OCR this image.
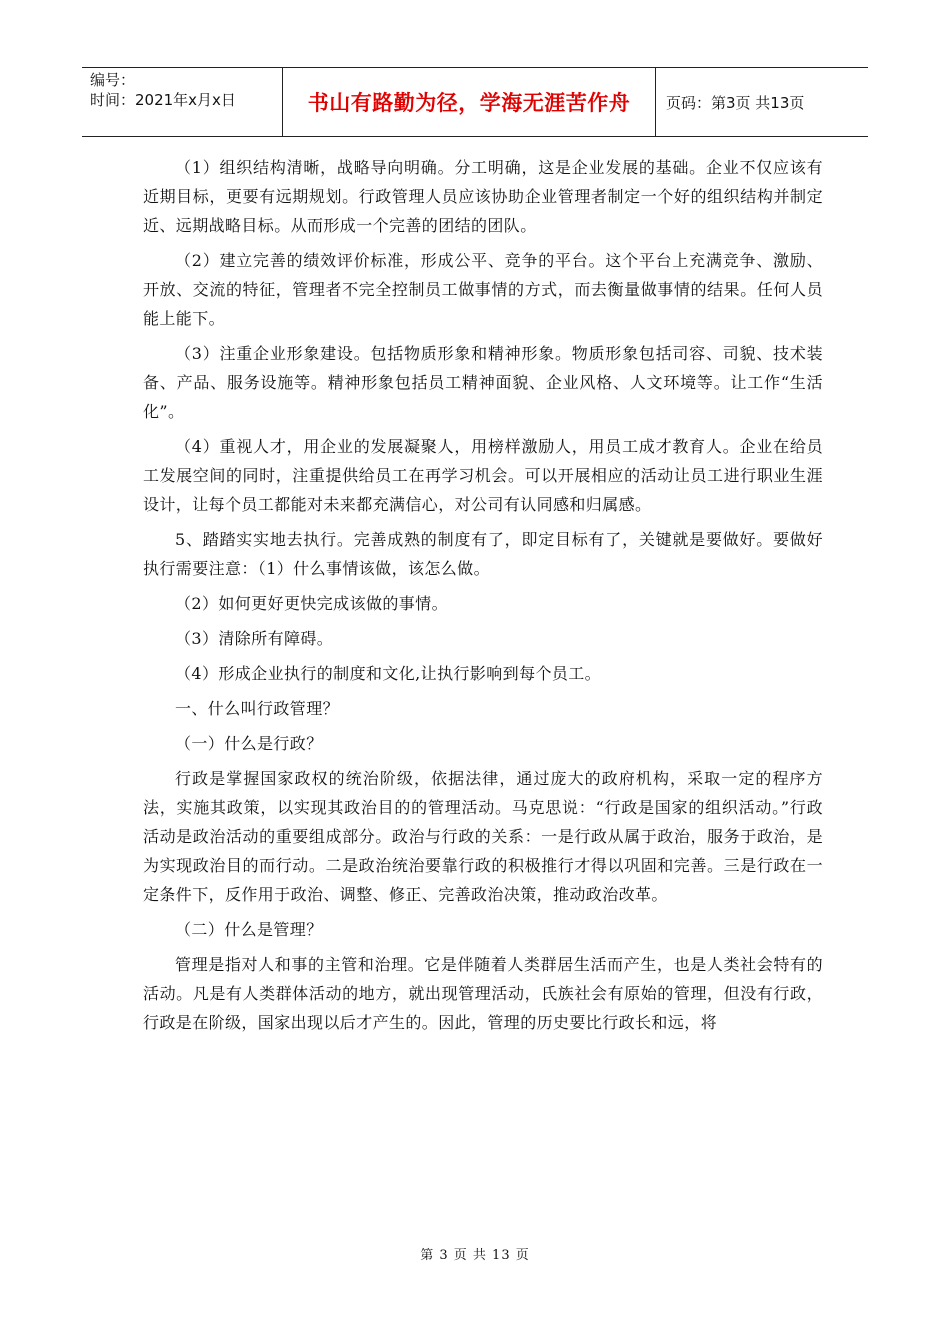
编号：
时间：2021年x月x日	书山有路勤为径，学海无涯苦作舟 页码：第3页 共13页

（1）组织结构清晰，战略导向明确。分工明确，这是企业发展的基础。企业不仅应该有近期目标，更要有远期规划。行政管理人员应该协助企业管理者制定一个好的组织结构并制定近、远期战略目标。从而形成一个完善的团结的团队。

（2）建立完善的绩效评价标准，形成公平、竞争的平台。这个平台上充满竞争、激励、开放、交流的特征，管理者不完全控制员工做事情的方式，而去衡量做事情的结果。任何人员能上能下。

（3）注重企业形象建设。包括物质形象和精神形象。物质形象包括司容、司貌、技术装备、产品、服务设施等。精神形象包括员工精神面貌、企业风格、人文环境等。让工作“生活化”。

（4）重视人才，用企业的发展凝聚人，用榜样激励人，用员工成才教育人。企业在给员工发展空间的同时，注重提供给员工在再学习机会。可以开展相应的活动让员工进行职业生涯设计，让每个员工都能对未来都充满信心，对公司有认同感和归属感。

5、踏踏实实地去执行。完善成熟的制度有了，即定目标有了，关键就是要做好。要做好执行需要注意：（1）什么事情该做，该怎么做。

（2）如何更好更快完成该做的事情。

（3）清除所有障碍。

（4）形成企业执行的制度和文化,让执行影响到每个员工。

一、什么叫行政管理？

（一）什么是行政？

行政是掌握国家政权的统治阶级，依据法律，通过庞大的政府机构，采取一定的程序方法，实施其政策，以实现其政治目的的管理活动。马克思说：“行政是国家的组织活动。”行政活动是政治活动的重要组成部分。政治与行政的关系：一是行政从属于政治，服务于政治，是为实现政治目的而行动。二是政治统治要靠行政的积极推行才得以巩固和完善。三是行政在一定条件下，反作用于政治、调整、修正、完善政治决策，推动政治改革。

（二）什么是管理？

管理是指对人和事的主管和治理。它是伴随着人类群居生活而产生，也是人类社会特有的活动。凡是有人类群体活动的地方，就出现管理活动，氏族社会有原始的管理，但没有行政，行政是在阶级，国家出现以后才产生的。因此，管理的历史要比行政长和远，将

第 3 页 共 13 页
